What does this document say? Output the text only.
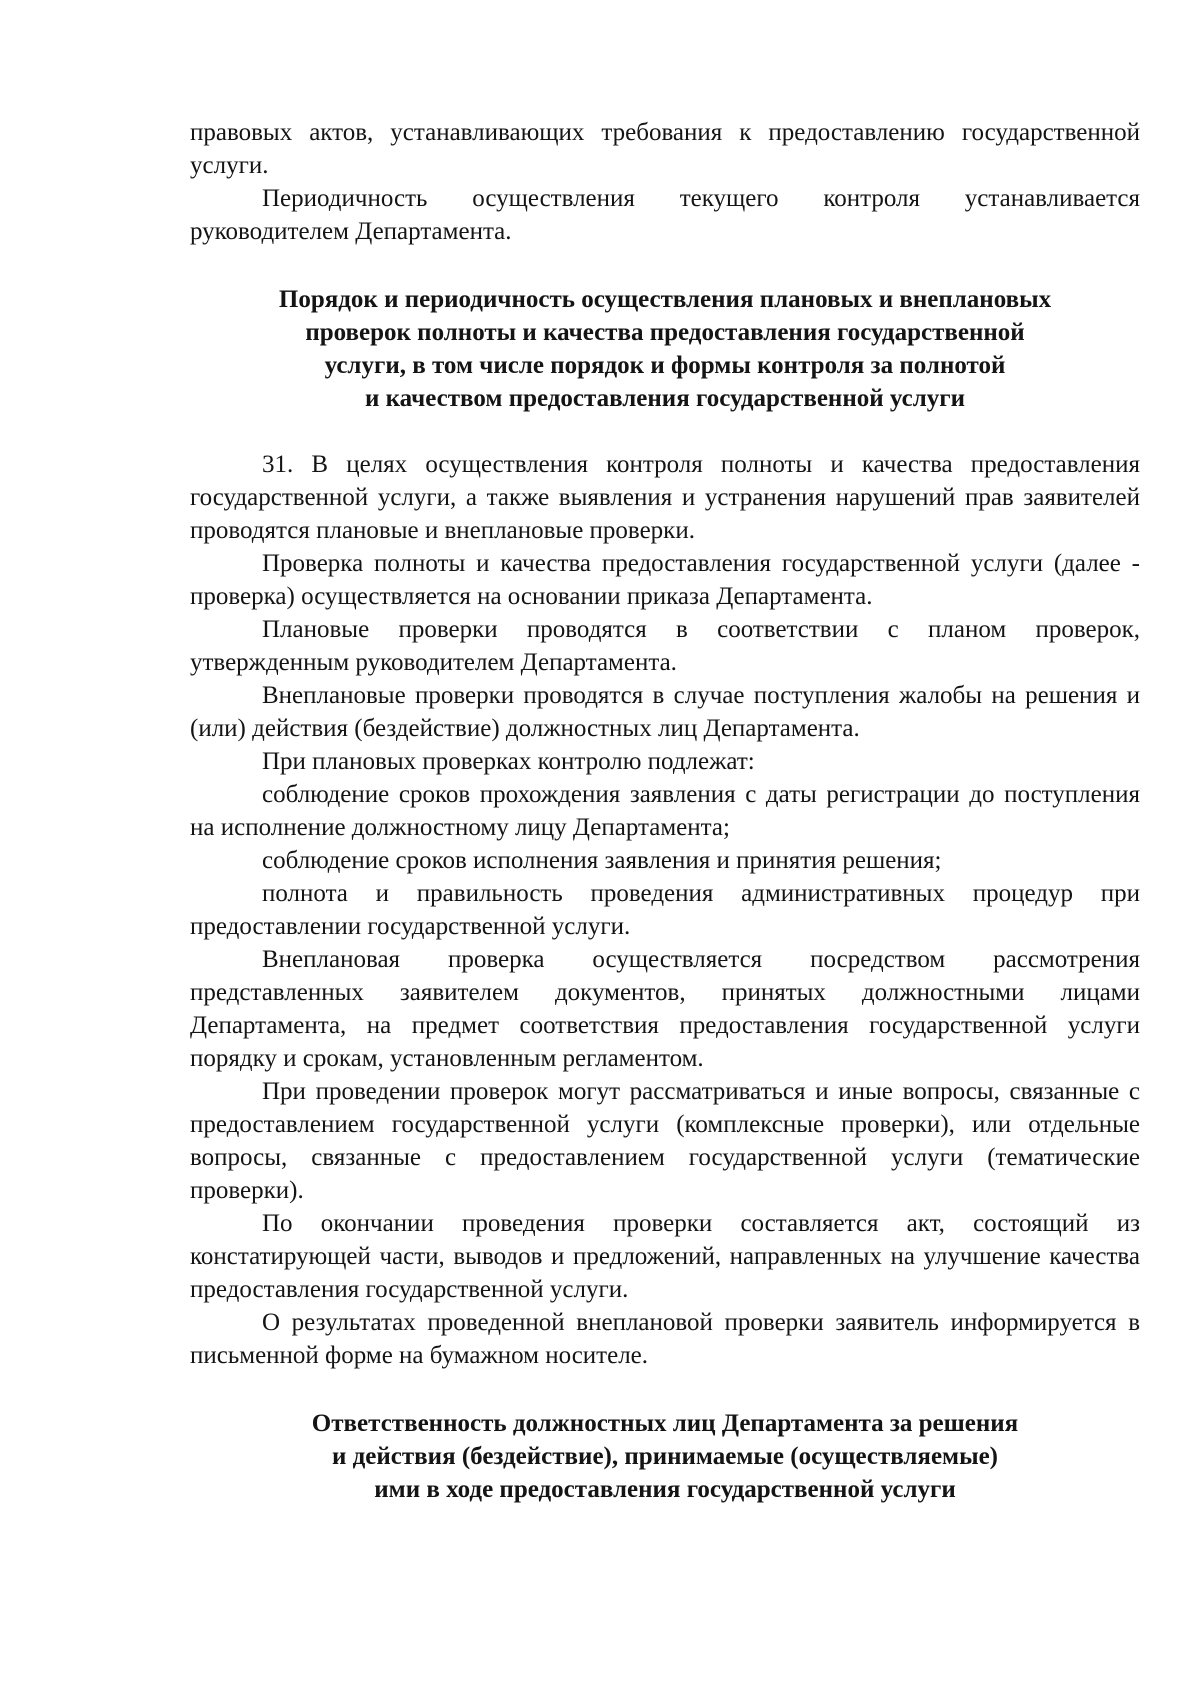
правовых актов, устанавливающих требования к предоставлению государственной услуги.

Периодичность осуществления текущего контроля устанавливается руководителем Департамента.

Порядок и периодичность осуществления плановых и внеплановых
проверок полноты и качества предоставления государственной
услуги, в том числе порядок и формы контроля за полнотой
и качеством предоставления государственной услуги

31. В целях осуществления контроля полноты и качества предоставления государственной услуги, а также выявления и устранения нарушений прав заявителей проводятся плановые и внеплановые проверки.

Проверка полноты и качества предоставления государственной услуги (далее - проверка) осуществляется на основании приказа Департамента.

Плановые проверки проводятся в соответствии с планом проверок, утвержденным руководителем Департамента.

Внеплановые проверки проводятся в случае поступления жалобы на решения и (или) действия (бездействие) должностных лиц Департамента.

При плановых проверках контролю подлежат:

соблюдение сроков прохождения заявления с даты регистрации до поступления на исполнение должностному лицу Департамента;

соблюдение сроков исполнения заявления и принятия решения;

полнота и правильность проведения административных процедур при предоставлении государственной услуги.

Внеплановая проверка осуществляется посредством рассмотрения представленных заявителем документов, принятых должностными лицами Департамента, на предмет соответствия предоставления государственной услуги порядку и срокам, установленным регламентом.

При проведении проверок могут рассматриваться и иные вопросы, связанные с предоставлением государственной услуги (комплексные проверки), или отдельные вопросы, связанные с предоставлением государственной услуги (тематические проверки).

По окончании проведения проверки составляется акт, состоящий из констатирующей части, выводов и предложений, направленных на улучшение качества предоставления государственной услуги.

О результатах проведенной внеплановой проверки заявитель информируется в письменной форме на бумажном носителе.

Ответственность должностных лиц Департамента за решения
и действия (бездействие), принимаемые (осуществляемые)
ими в ходе предоставления государственной услуги
